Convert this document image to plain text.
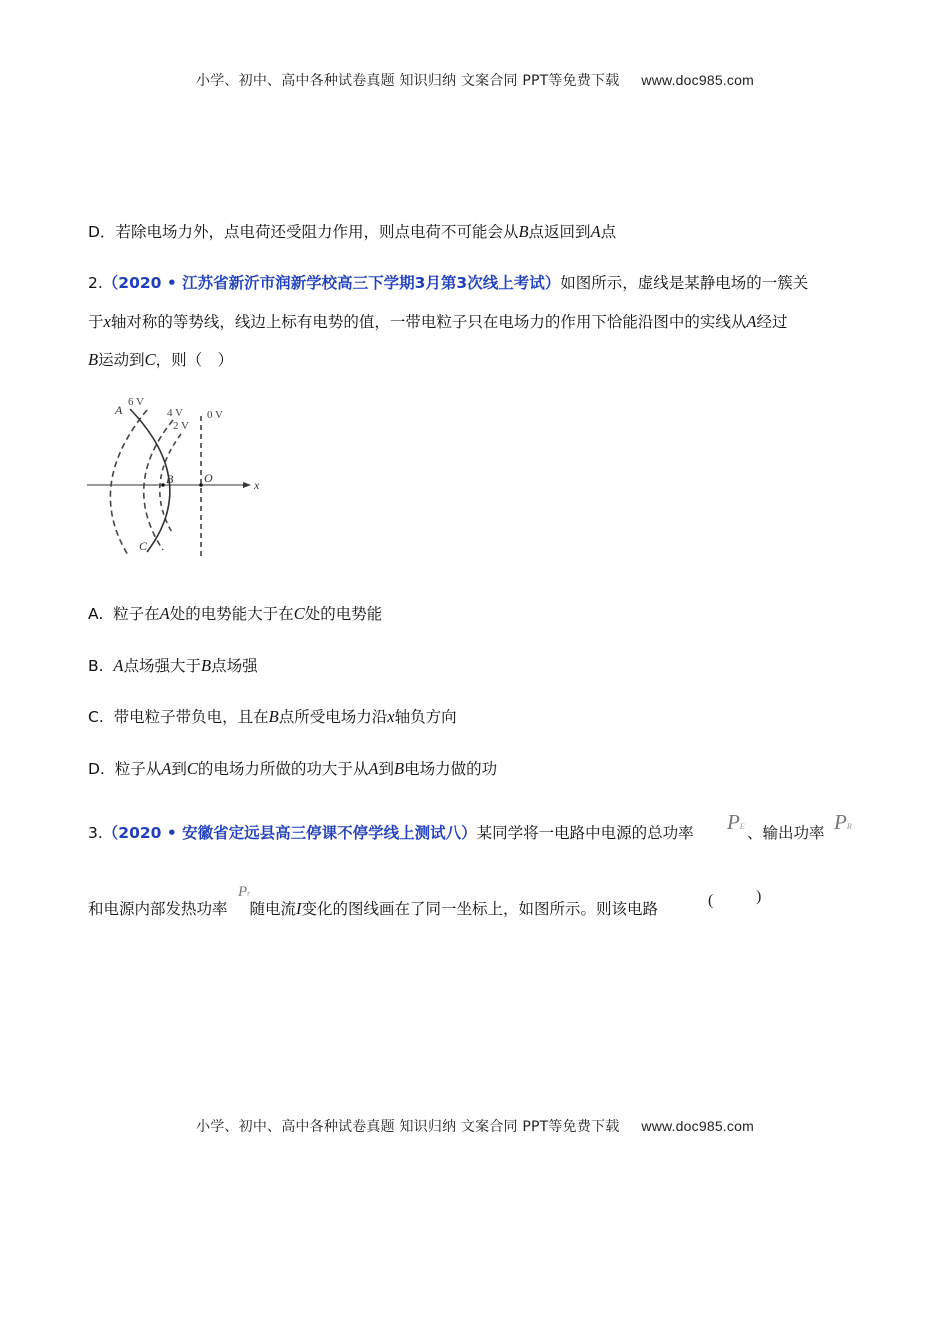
小学、初中、高中各种试卷真题 知识归纳 文案合同 PPT等免费下载 www.doc985.com
D．若除电场力外，点电荷还受阻力作用，则点电荷不可能会从B点返回到A点
2.（2020 • 江苏省新沂市润新学校高三下学期3月第3次线上考试）如图所示，虚线是某静电场的一簇关
于x轴对称的等势线，线边上标有电势的值，一带电粒子只在电场力的作用下恰能沿图中的实线从A经过
B运动到C，则（　）
6 V
4 V
2 V
0 V
A
B
C
O	x
A. 粒子在A处的电势能大于在C处的电势能
B. A点场强大于B点场强
C. 带电粒子带负电，且在B点所受电场力沿x轴负方向
D. 粒子从A到C的电场力所做的功大于从A到B电场力做的功
3.（2020 • 安徽省定远县高三停课不停学线上测试八）某同学将一电路中电源的总功率 PE 、输出功率 PR
和电源内部发热功率 随电流I变化的图线画在了同一坐标上，如图所示。则该电路
Pr	(	)
小学、初中、高中各种试卷真题 知识归纳 文案合同 PPT等免费下载 www.doc985.com
